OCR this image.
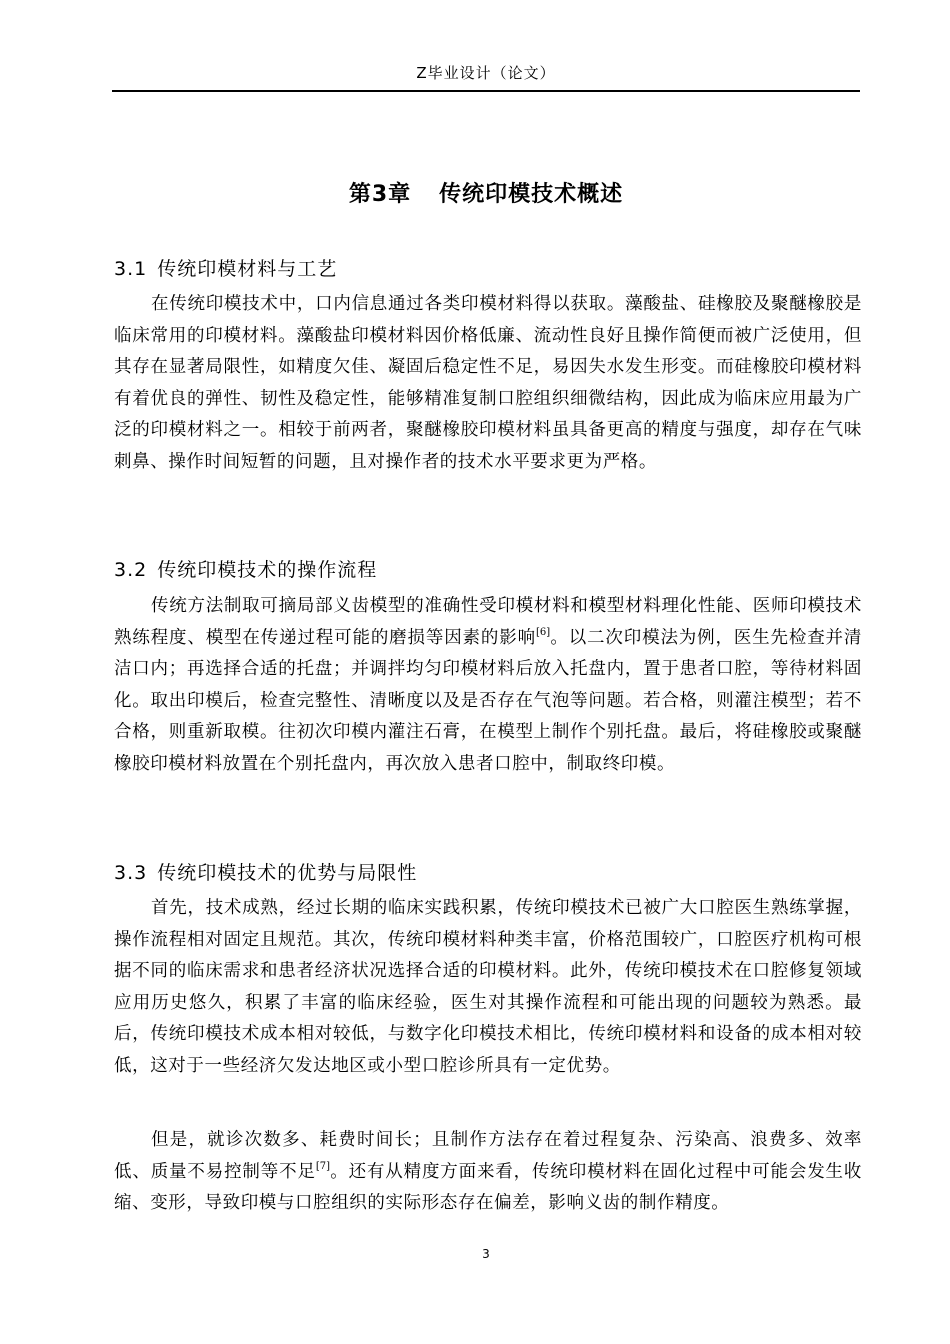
Z毕业设计（论文）
第3章 传统印模技术概述
3.1 传统印模材料与工艺

在传统印模技术中，口内信息通过各类印模材料得以获取。藻酸盐、硅橡胶及聚醚橡胶是临床常用的印模材料。藻酸盐印模材料因价格低廉、流动性良好且操作简便而被广泛使用，但其存在显著局限性，如精度欠佳、凝固后稳定性不足，易因失水发生形变。而硅橡胶印模材料有着优良的弹性、韧性及稳定性，能够精准复制口腔组织细微结构，因此成为临床应用最为广泛的印模材料之一。相较于前两者，聚醚橡胶印模材料虽具备更高的精度与强度，却存在气味刺鼻、操作时间短暂的问题，且对操作者的技术水平要求更为严格。

3.2 传统印模技术的操作流程

传统方法制取可摘局部义齿模型的准确性受印模材料和模型材料理化性能、医师印模技术熟练程度、模型在传递过程可能的磨损等因素的影响[6]。以二次印模法为例，医生先检查并清洁口内；再选择合适的托盘；并调拌均匀印模材料后放入托盘内，置于患者口腔，等待材料固化。取出印模后，检查完整性、清晰度以及是否存在气泡等问题。若合格，则灌注模型；若不合格，则重新取模。往初次印模内灌注石膏，在模型上制作个别托盘。最后，将硅橡胶或聚醚橡胶印模材料放置在个别托盘内，再次放入患者口腔中，制取终印模。

3.3 传统印模技术的优势与局限性

首先，技术成熟，经过长期的临床实践积累，传统印模技术已被广大口腔医生熟练掌握，操作流程相对固定且规范。其次，传统印模材料种类丰富，价格范围较广，口腔医疗机构可根据不同的临床需求和患者经济状况选择合适的印模材料。此外，传统印模技术在口腔修复领域应用历史悠久，积累了丰富的临床经验，医生对其操作流程和可能出现的问题较为熟悉。最后，传统印模技术成本相对较低，与数字化印模技术相比，传统印模材料和设备的成本相对较低，这对于一些经济欠发达地区或小型口腔诊所具有一定优势。

但是，就诊次数多、耗费时间长；且制作方法存在着过程复杂、污染高、浪费多、效率低、质量不易控制等不足[7]。还有从精度方面来看，传统印模材料在固化过程中可能会发生收缩、变形，导致印模与口腔组织的实际形态存在偏差，影响义齿的制作精度。

3
